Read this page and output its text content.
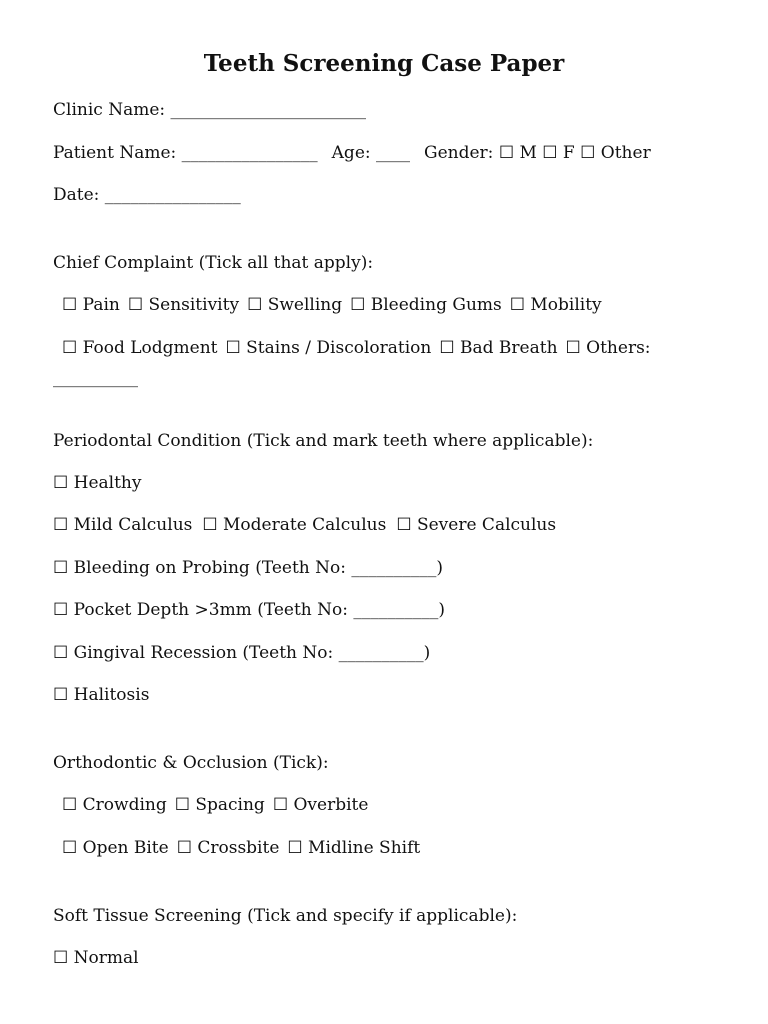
Teeth Screening Case Paper
Clinic Name: _______________________
Patient Name: ________________ Age: ____ Gender: ☐ M ☐ F ☐ Other
Date: ________________
Chief Complaint (Tick all that apply):
☐ Pain ☐ Sensitivity ☐ Swelling ☐ Bleeding Gums ☐ Mobility
☐ Food Lodgment ☐ Stains / Discoloration ☐ Bad Breath ☐ Others:
__________
Periodontal Condition (Tick and mark teeth where applicable):
☐ Healthy
☐ Mild Calculus ☐ Moderate Calculus ☐ Severe Calculus
☐ Bleeding on Probing (Teeth No: __________)
☐ Pocket Depth >3mm (Teeth No: __________)
☐ Gingival Recession (Teeth No: __________)
☐ Halitosis
Orthodontic & Occlusion (Tick):
☐ Crowding ☐ Spacing ☐ Overbite
☐ Open Bite ☐ Crossbite ☐ Midline Shift
Soft Tissue Screening (Tick and specify if applicable):
☐ Normal
